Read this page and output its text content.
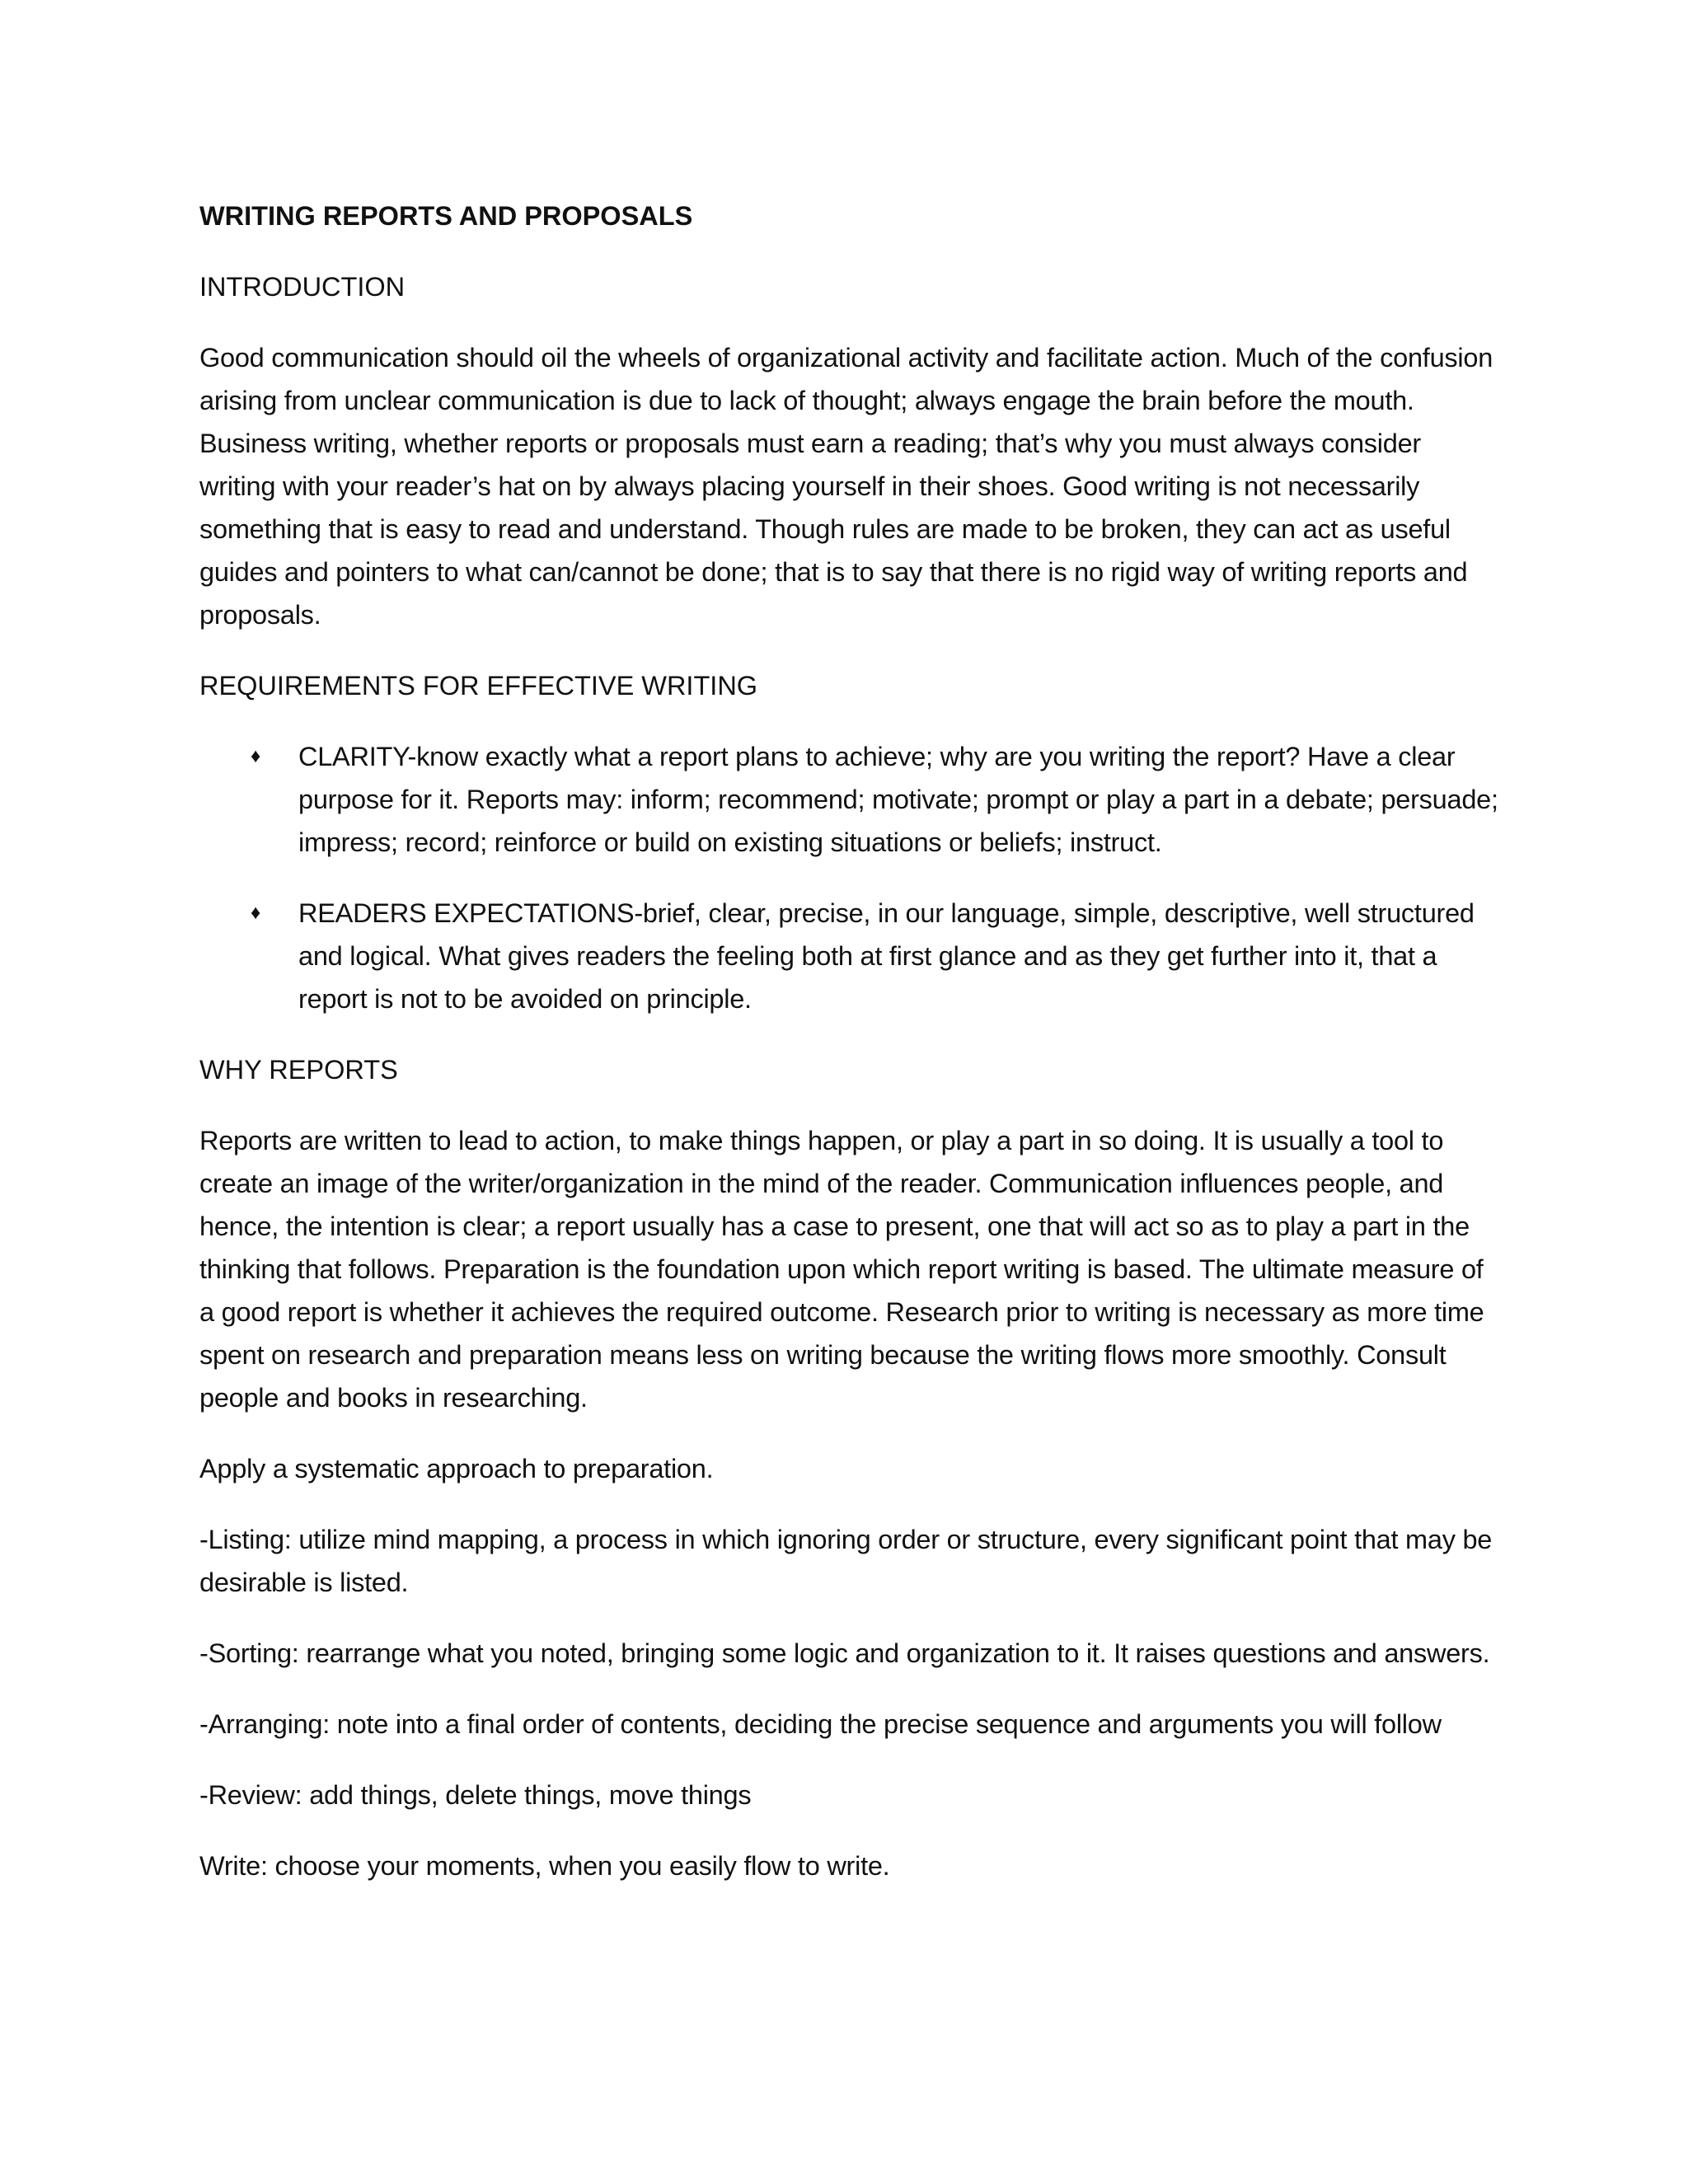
WRITING REPORTS AND PROPOSALS
INTRODUCTION

Good communication should oil the wheels of organizational activity and facilitate action. Much of the confusion arising from unclear communication is due to lack of thought; always engage the brain before the mouth. Business writing, whether reports or proposals must earn a reading; that’s why you must always consider writing with your reader’s hat on by always placing yourself in their shoes. Good writing is not necessarily something that is easy to read and understand. Though rules are made to be broken, they can act as useful guides and pointers to what can/cannot be done; that is to say that there is no rigid way of writing reports and proposals.

REQUIREMENTS FOR EFFECTIVE WRITING
♦ CLARITY-know exactly what a report plans to achieve; why are you writing the report? Have a clear purpose for it. Reports may: inform; recommend; motivate; prompt or play a part in a debate; persuade; impress; record; reinforce or build on existing situations or beliefs; instruct.
♦ READERS EXPECTATIONS-brief, clear, precise, in our language, simple, descriptive, well structured and logical. What gives readers the feeling both at first glance and as they get further into it, that a report is not to be avoided on principle.
WHY REPORTS

Reports are written to lead to action, to make things happen, or play a part in so doing. It is usually a tool to create an image of the writer/organization in the mind of the reader. Communication influences people, and hence, the intention is clear; a report usually has a case to present, one that will act so as to play a part in the thinking that follows. Preparation is the foundation upon which report writing is based. The ultimate measure of a good report is whether it achieves the required outcome. Research prior to writing is necessary as more time spent on research and preparation means less on writing because the writing flows more smoothly. Consult people and books in researching.

Apply a systematic approach to preparation.

-Listing: utilize mind mapping, a process in which ignoring order or structure, every significant point that may be desirable is listed.

-Sorting: rearrange what you noted, bringing some logic and organization to it. It raises questions and answers.

-Arranging: note into a final order of contents, deciding the precise sequence and arguments you will follow

-Review: add things, delete things, move things

Write: choose your moments, when you easily flow to write.
